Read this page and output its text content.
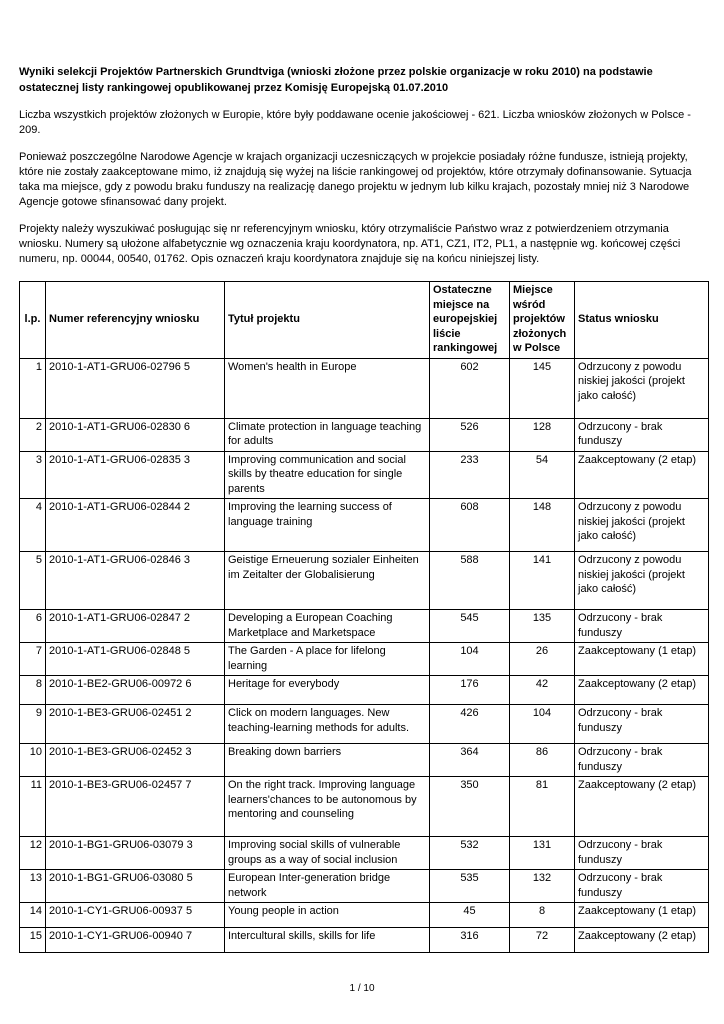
Wyniki selekcji Projektów Partnerskich Grundtviga (wnioski złożone przez polskie organizacje w roku 2010) na podstawie ostatecznej listy rankingowej opublikowanej przez Komisję Europejską 01.07.2010
Liczba wszystkich projektów złożonych w Europie, które były poddawane ocenie jakościowej - 621. Liczba wniosków złożonych w Polsce - 209.
Ponieważ poszczególne Narodowe Agencje w krajach organizacji uczesniczących w projekcie posiadały różne fundusze, istnieją projekty, które nie zostały zaakceptowane mimo, iż znajdują się wyżej na liście rankingowej od projektów, które otrzymały dofinansowanie. Sytuacja taka ma miejsce, gdy z powodu braku funduszy na realizację danego projektu w jednym lub kilku krajach, pozostały mniej niż 3 Narodowe Agencje gotowe sfinansować dany projekt.
Projekty należy wyszukiwać posługując się nr referencyjnym wniosku, który otrzymaliście Państwo wraz z potwierdzeniem otrzymania wniosku. Numery są ułożone alfabetycznie wg oznaczenia kraju koordynatora, np. AT1, CZ1, IT2, PL1, a następnie wg. końcowej części numeru, np. 00044, 00540, 01762. Opis oznaczeń kraju koordynatora znajduje się na końcu niniejszej listy.
l.p.	Numer referencyjny wniosku	Tytuł projektu	Ostateczne miejsce na europejskiej liście rankingowej	Miejsce wśród projektów złożonych w Polsce	Status wniosku
1	2010-1-AT1-GRU06-02796 5	Women's health in Europe	602	145	Odrzucony z powodu niskiej jakości (projekt jako całość)
2	2010-1-AT1-GRU06-02830 6	Climate protection in language teaching for adults	526	128	Odrzucony - brak funduszy
3	2010-1-AT1-GRU06-02835 3	Improving communication and social skills by theatre education for single parents	233	54	Zaakceptowany (2 etap)
4	2010-1-AT1-GRU06-02844 2	Improving the learning success of language training	608	148	Odrzucony z powodu niskiej jakości (projekt jako całość)
5	2010-1-AT1-GRU06-02846 3	Geistige Erneuerung sozialer Einheiten im Zeitalter der Globalisierung	588	141	Odrzucony z powodu niskiej jakości (projekt jako całość)
6	2010-1-AT1-GRU06-02847 2	Developing a European Coaching Marketplace and Marketspace	545	135	Odrzucony - brak funduszy
7	2010-1-AT1-GRU06-02848 5	The Garden - A place for lifelong learning	104	26	Zaakceptowany (1 etap)
8	2010-1-BE2-GRU06-00972 6	Heritage for everybody	176	42	Zaakceptowany (2 etap)
9	2010-1-BE3-GRU06-02451 2	Click on modern languages. New teaching-learning methods for adults.	426	104	Odrzucony - brak funduszy
10	2010-1-BE3-GRU06-02452 3	Breaking down barriers	364	86	Odrzucony - brak funduszy
11	2010-1-BE3-GRU06-02457 7	On the right track. Improving language learners'chances to be autonomous by mentoring and counseling	350	81	Zaakceptowany (2 etap)
12	2010-1-BG1-GRU06-03079 3	Improving social skills of vulnerable groups as a way of social inclusion	532	131	Odrzucony - brak funduszy
13	2010-1-BG1-GRU06-03080 5	European Inter-generation bridge network	535	132	Odrzucony - brak funduszy
14	2010-1-CY1-GRU06-00937 5	Young people in action	45	8	Zaakceptowany (1 etap)
15	2010-1-CY1-GRU06-00940 7	Intercultural skills, skills for life	316	72	Zaakceptowany (2 etap)
1 / 10
